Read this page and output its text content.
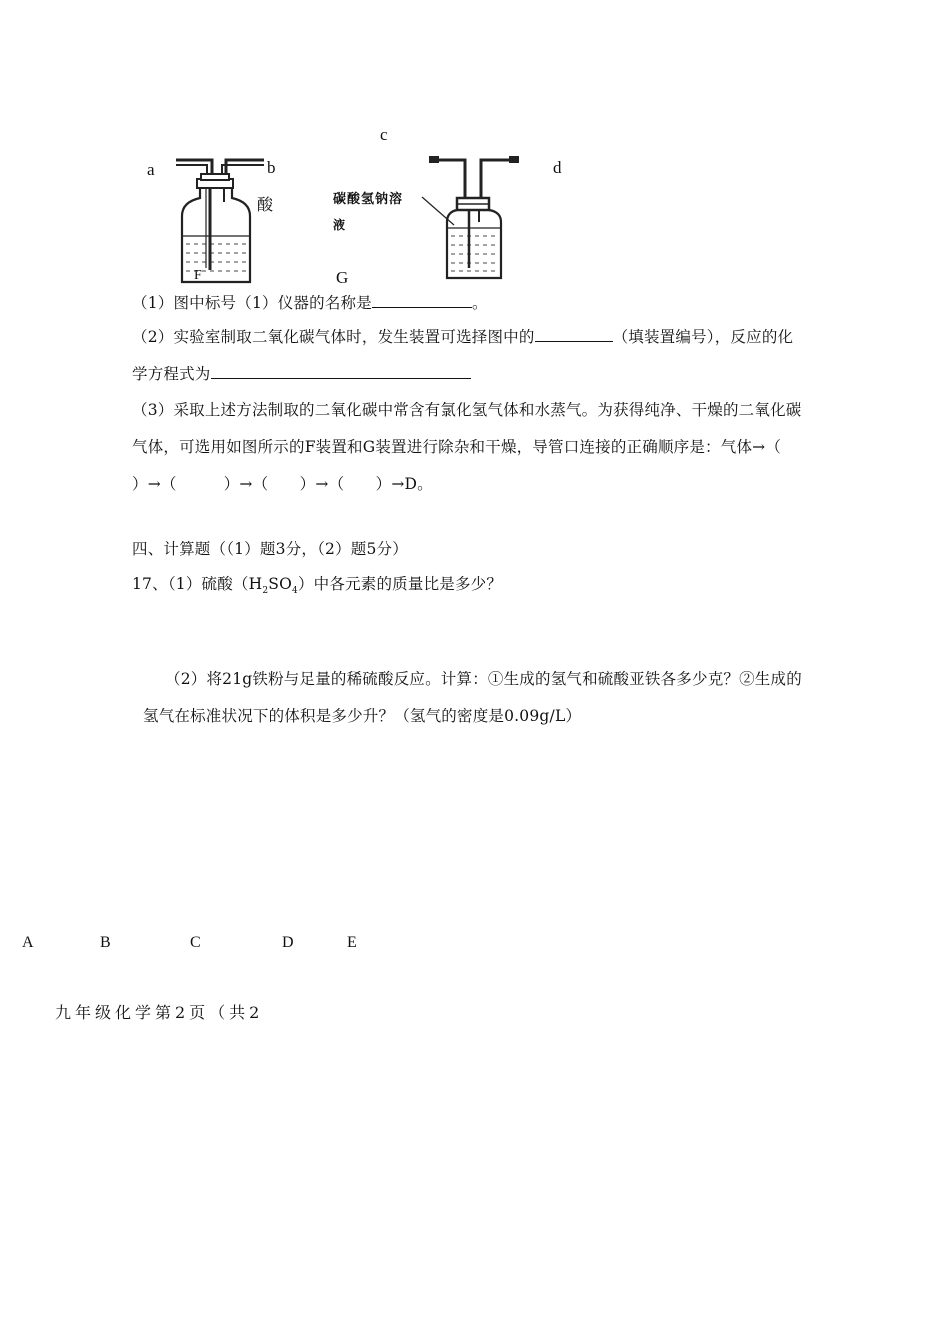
a	b
c
d
酸	碳酸氢钠溶
液
F	G
（1）图中标号（1）仪器的名称是	。
（2）实验室制取二氧化碳气体时，发生装置可选择图中的	（填装置编号），反应的化
学方程式为
（3）采取上述方法制取的二氧化碳中常含有氯化氢气体和水蒸气。为获得纯净、干燥的二氧化碳
气体，可选用如图所示的F装置和G装置进行除杂和干燥，导管口连接的正确顺序是：气体→（
）→（　　　）→（　　）→（　　）→D。
四、计算题（（1）题3分，（2）题5分）
17、（1）硫酸$(H_2SO_4)$中各元素的质量比是多少？
（2）将21g铁粉与足量的稀硫酸反应。计算：①生成的氢气和硫酸亚铁各多少克？②生成的
氢气在标准状况下的体积是多少升？（氢气的密度是0.09g/L）
A	B	C	D	E
九年级化学第2页（共2
